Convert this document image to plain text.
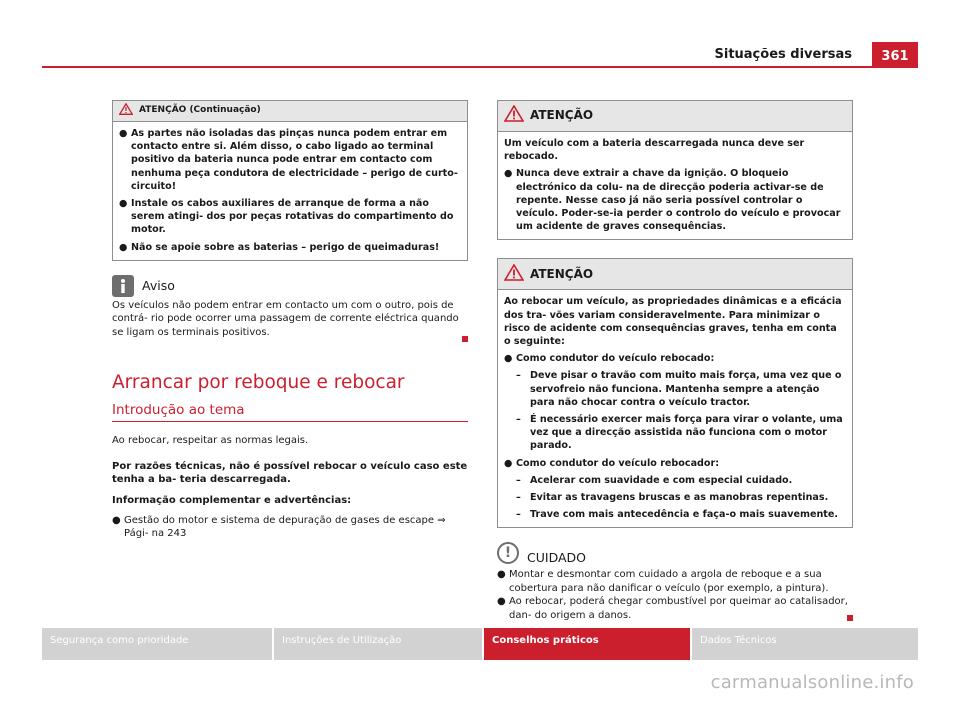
Situações diversas	361
ATENÇÃO (Continuação)
● As partes não isoladas das pinças nunca podem entrar em contacto entre si. Além disso, o cabo ligado ao terminal positivo da bateria nunca pode entrar em contacto com nenhuma peça condutora de electricidade – perigo de curto-circuito!
● Instale os cabos auxiliares de arranque de forma a não serem atingi- dos por peças rotativas do compartimento do motor.
● Não se apoie sobre as baterias – perigo de queimaduras!
Aviso

Os veículos não podem entrar em contacto um com o outro, pois de contrá- rio pode ocorrer uma passagem de corrente eléctrica quando se ligam os terminais positivos.

Arrancar por reboque e rebocar
Introdução ao tema

Ao rebocar, respeitar as normas legais.

Por razões técnicas, não é possível rebocar o veículo caso este tenha a ba- teria descarregada.

Informação complementar e advertências:

● Gestão do motor e sistema de depuração de gases de escape ⇒ Pági- na 243
ATENÇÃO

Um veículo com a bateria descarregada nunca deve ser rebocado.

● Nunca deve extrair a chave da ignição. O bloqueio electrónico da colu- na de direcção poderia activar-se de repente. Nesse caso já não seria possível controlar o veículo. Poder-se-ia perder o controlo do veículo e provocar um acidente de graves consequências.
ATENÇÃO

Ao rebocar um veículo, as propriedades dinâmicas e a eficácia dos tra- vões variam consideravelmente. Para minimizar o risco de acidente com consequências graves, tenha em conta o seguinte:

● Como condutor do veículo rebocado:
– Deve pisar o travão com muito mais força, uma vez que o servofreio não funciona. Mantenha sempre a atenção para não chocar contra o veículo tractor.
– É necessário exercer mais força para virar o volante, uma vez que a direcção assistida não funciona com o motor parado.
● Como condutor do veículo rebocador:
– Acelerar com suavidade e com especial cuidado.
– Evitar as travagens bruscas e as manobras repentinas.
– Trave com mais antecedência e faça-o mais suavemente.
!	CUIDADO
● Montar e desmontar com cuidado a argola de reboque e a sua cobertura para não danificar o veículo (por exemplo, a pintura).
● Ao rebocar, poderá chegar combustível por queimar ao catalisador, dan- do origem a danos.
Segurança como prioridade	Instruções de Utilização	Conselhos práticos	Dados Técnicos
carmanualsonline.info
